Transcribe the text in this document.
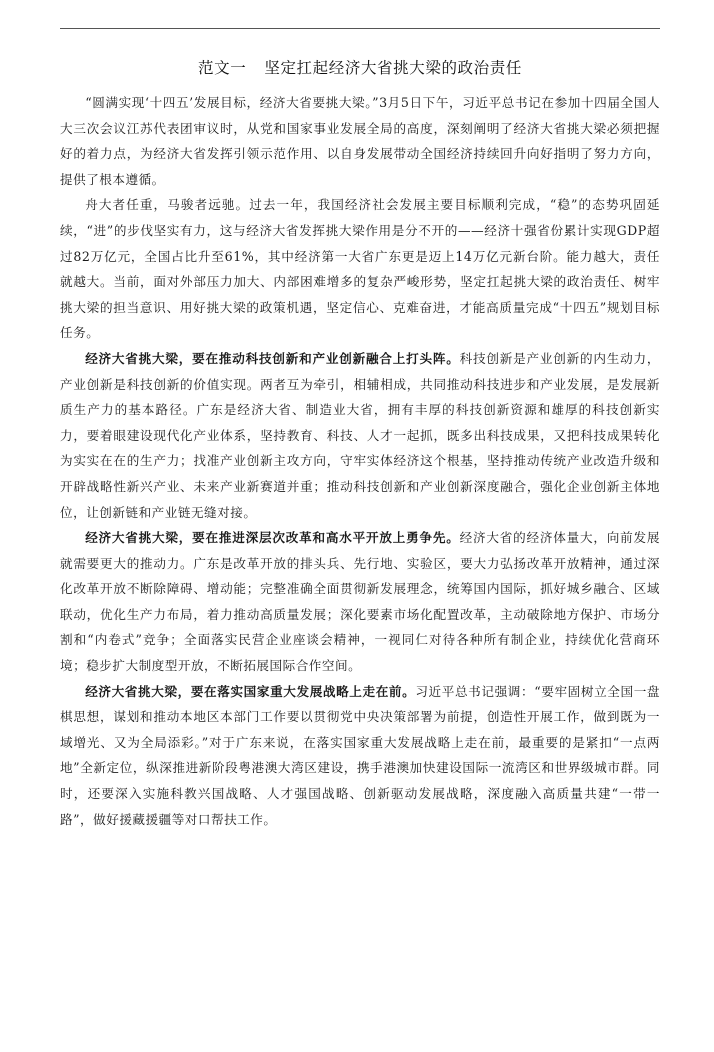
范文一 坚定扛起经济大省挑大梁的政治责任

“圆满实现‘十四五’发展目标，经济大省要挑大梁。”3月5日下午，习近平总书记在参加十四届全国人大三次会议江苏代表团审议时，从党和国家事业发展全局的高度，深刻阐明了经济大省挑大梁必须把握好的着力点，为经济大省发挥引领示范作用、以自身发展带动全国经济持续回升向好指明了努力方向，提供了根本遵循。

舟大者任重，马骏者远驰。过去一年，我国经济社会发展主要目标顺利完成，“稳”的态势巩固延续，“进”的步伐坚实有力，这与经济大省发挥挑大梁作用是分不开的——经济十强省份累计实现GDP超过82万亿元，全国占比升至61%，其中经济第一大省广东更是迈上14万亿元新台阶。能力越大，责任就越大。当前，面对外部压力加大、内部困难增多的复杂严峻形势，坚定扛起挑大梁的政治责任、树牢挑大梁的担当意识、用好挑大梁的政策机遇，坚定信心、克难奋进，才能高质量完成“十四五”规划目标任务。

经济大省挑大梁，要在推动科技创新和产业创新融合上打头阵。科技创新是产业创新的内生动力，产业创新是科技创新的价值实现。两者互为牵引，相辅相成，共同推动科技进步和产业发展，是发展新质生产力的基本路径。广东是经济大省、制造业大省，拥有丰厚的科技创新资源和雄厚的科技创新实力，要着眼建设现代化产业体系，坚持教育、科技、人才一起抓，既多出科技成果，又把科技成果转化为实实在在的生产力；找准产业创新主攻方向，守牢实体经济这个根基，坚持推动传统产业改造升级和开辟战略性新兴产业、未来产业新赛道并重；推动科技创新和产业创新深度融合，强化企业创新主体地位，让创新链和产业链无缝对接。

经济大省挑大梁，要在推进深层次改革和高水平开放上勇争先。经济大省的经济体量大，向前发展就需要更大的推动力。广东是改革开放的排头兵、先行地、实验区，要大力弘扬改革开放精神，通过深化改革开放不断除障碍、增动能；完整准确全面贯彻新发展理念，统筹国内国际，抓好城乡融合、区域联动，优化生产力布局，着力推动高质量发展；深化要素市场化配置改革，主动破除地方保护、市场分割和“内卷式”竞争；全面落实民营企业座谈会精神，一视同仁对待各种所有制企业，持续优化营商环境；稳步扩大制度型开放，不断拓展国际合作空间。

经济大省挑大梁，要在落实国家重大发展战略上走在前。习近平总书记强调：“要牢固树立全国一盘棋思想，谋划和推动本地区本部门工作要以贯彻党中央决策部署为前提，创造性开展工作，做到既为一域增光、又为全局添彩。”对于广东来说，在落实国家重大发展战略上走在前，最重要的是紧扣“一点两地”全新定位，纵深推进新阶段粤港澳大湾区建设，携手港澳加快建设国际一流湾区和世界级城市群。同时，还要深入实施科教兴国战略、人才强国战略、创新驱动发展战略，深度融入高质量共建“一带一路”，做好援藏援疆等对口帮扶工作。
